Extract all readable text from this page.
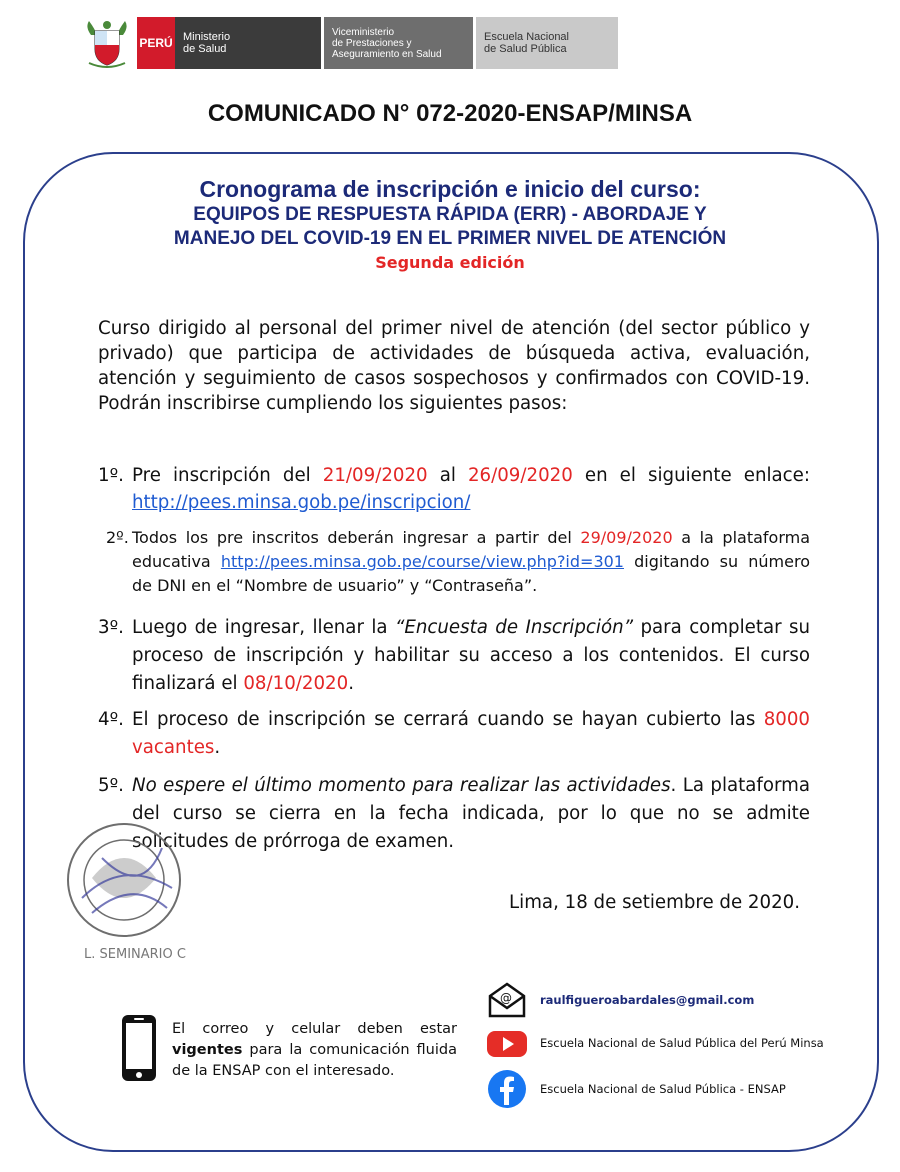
PERÚ Ministerio
de Salud
Viceministerio
de Prestaciones y
Aseguramiento en Salud
Escuela Nacional
de Salud Pública
COMUNICADO N° 072-2020-ENSAP/MINSA
Cronograma de inscripción e inicio del curso:
EQUIPOS DE RESPUESTA RÁPIDA (ERR) - ABORDAJE Y
MANEJO DEL COVID-19 EN EL PRIMER NIVEL DE ATENCIÓN
Segunda edición
Curso dirigido al personal del primer nivel de atención (del sector público y privado) que participa de actividades de búsqueda activa, evaluación, atención y seguimiento de casos sospechosos y confirmados con COVID-19. Podrán inscribirse cumpliendo los siguientes pasos:
1º. Pre inscripción del 21/09/2020 al 26/09/2020 en el siguiente enlace: http://pees.minsa.gob.pe/inscripcion/
2º. Todos los pre inscritos deberán ingresar a partir del 29/09/2020 a la plataforma educativa http://pees.minsa.gob.pe/course/view.php?id=301 digitando su número de DNI en el “Nombre de usuario” y “Contraseña”.
3º. Luego de ingresar, llenar la “Encuesta de Inscripción” para completar su proceso de inscripción y habilitar su acceso a los contenidos. El curso finalizará el 08/10/2020.
4º. El proceso de inscripción se cerrará cuando se hayan cubierto las 8000 vacantes.
5º. No espere el último momento para realizar las actividades. La plataforma del curso se cierra en la fecha indicada, por lo que no se admite solicitudes de prórroga de examen.
L. SEMINARIO C
Lima, 18 de setiembre de 2020.
El correo y celular deben estar vigentes para la comunicación fluida de la ENSAP con el interesado.
@ raulfigueroabardales@gmail.com
Escuela Nacional de Salud Pública del Perú Minsa
Escuela Nacional de Salud Pública - ENSAP
